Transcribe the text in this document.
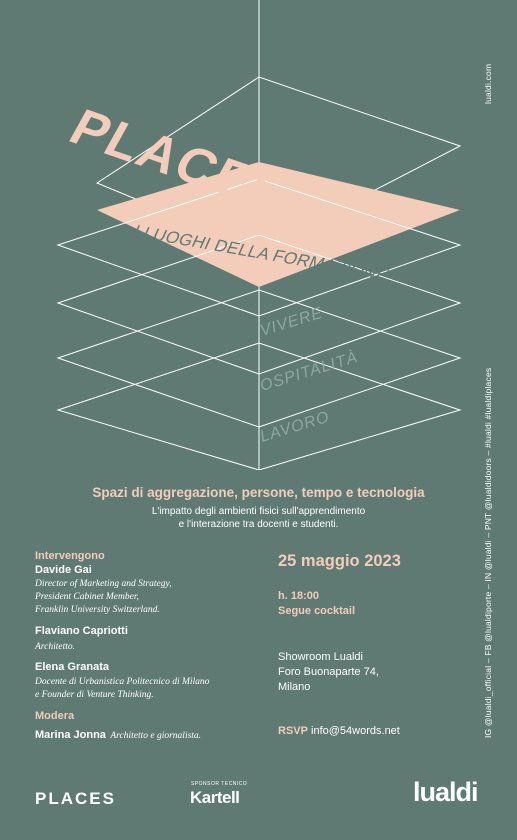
PLACES
I LUOGHI DELLA FORMAZIONE
VIVERE
OSPITALITÀ
LAVORO
lualdi.com
IG @lualdi_official – FB @lualdiporte – IN @lualdi – PNT @lualdidoors – #lualdi #lualdiplaces
Spazi di aggregazione, persone, tempo e tecnologia
L'impatto degli ambienti fisici sull'apprendimento
e l'interazione tra docenti e studenti.
Intervengono
Davide Gai
Director of Marketing and Strategy,
President Cabinet Member,
Franklin University Switzerland.
Flaviano Capriotti
Architetto.
Elena Granata
Docente di Urbanistica Politecnico di Milano
e Founder di Venture Thinking.
Modera
Marina Jonna Architetto e giornalista.
25 maggio 2023
h. 18:00
Segue cocktail
Showroom Lualdi
Foro Buonaparte 74,
Milano
RSVP info@54words.net
PLACES
SPONSOR TECNICO
Kartell	lualdi
